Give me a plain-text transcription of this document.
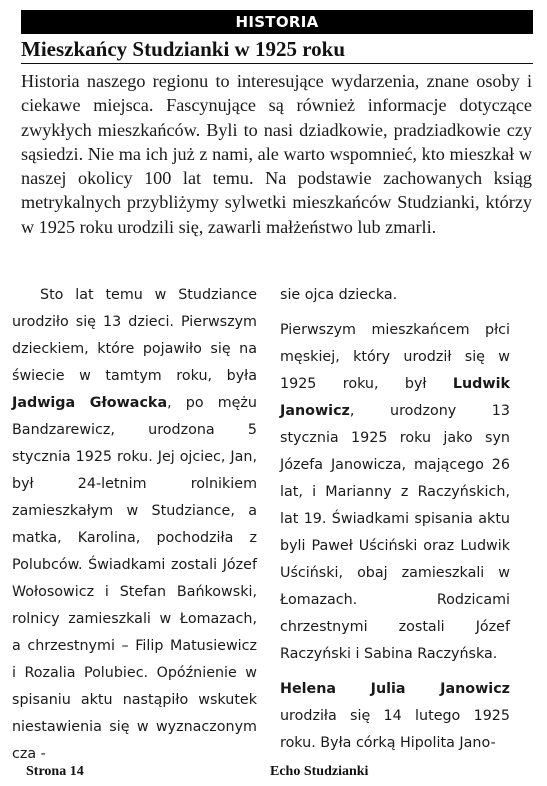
HISTORIA
Mieszkańcy Studzianki w 1925 roku
Historia naszego regionu to interesujące wydarzenia, znane osoby i ciekawe miejsca. Fascynujące są również informacje dotyczące zwykłych mieszkańców. Byli to nasi dziadkowie, pradziadkowie czy sąsiedzi. Nie ma ich już z nami, ale warto wspomnieć, kto mieszkał w naszej okolicy 100 lat temu. Na podstawie zachowanych ksiąg metrykalnych przybliżymy sylwetki mieszkańców Studzianki, którzy w 1925 roku urodzili się, zawarli małżeństwo lub zmarli.

Sto lat temu w Studziance urodziło się 13 dzieci. Pierwszym dzieckiem, które pojawiło się na świecie w tamtym roku, była Jadwiga Głowacka, po mężu Bandzarewicz, urodzona 5 stycznia 1925 roku. Jej ojciec, Jan, był 24-letnim rolnikiem zamieszkałym w Studziance, a matka, Karolina, pochodziła z Polubców. Świadkami zostali Józef Wołosowicz i Stefan Bańkowski, rolnicy zamieszkali w Łomazach, a chrzestnymi – Filip Matusiewicz i Rozalia Polubiec. Opóźnienie w spisaniu aktu nastąpiło wskutek niestawienia się w wyznaczonym cza -

sie ojca dziecka.

Pierwszym mieszkańcem płci męskiej, który urodził się w 1925 roku, był Ludwik Janowicz, urodzony 13 stycznia 1925 roku jako syn Józefa Janowicza, mającego 26 lat, i Marianny z Raczyńskich, lat 19. Świadkami spisania aktu byli Paweł Uściński oraz Ludwik Uściński, obaj zamieszkali w Łomazach. Rodzicami chrzestnymi zostali Józef Raczyński i Sabina Raczyńska.

Helena Julia Janowicz urodziła się 14 lutego 1925 roku. Była córką Hipolita Jano-

Strona 14	Echo Studzianki
